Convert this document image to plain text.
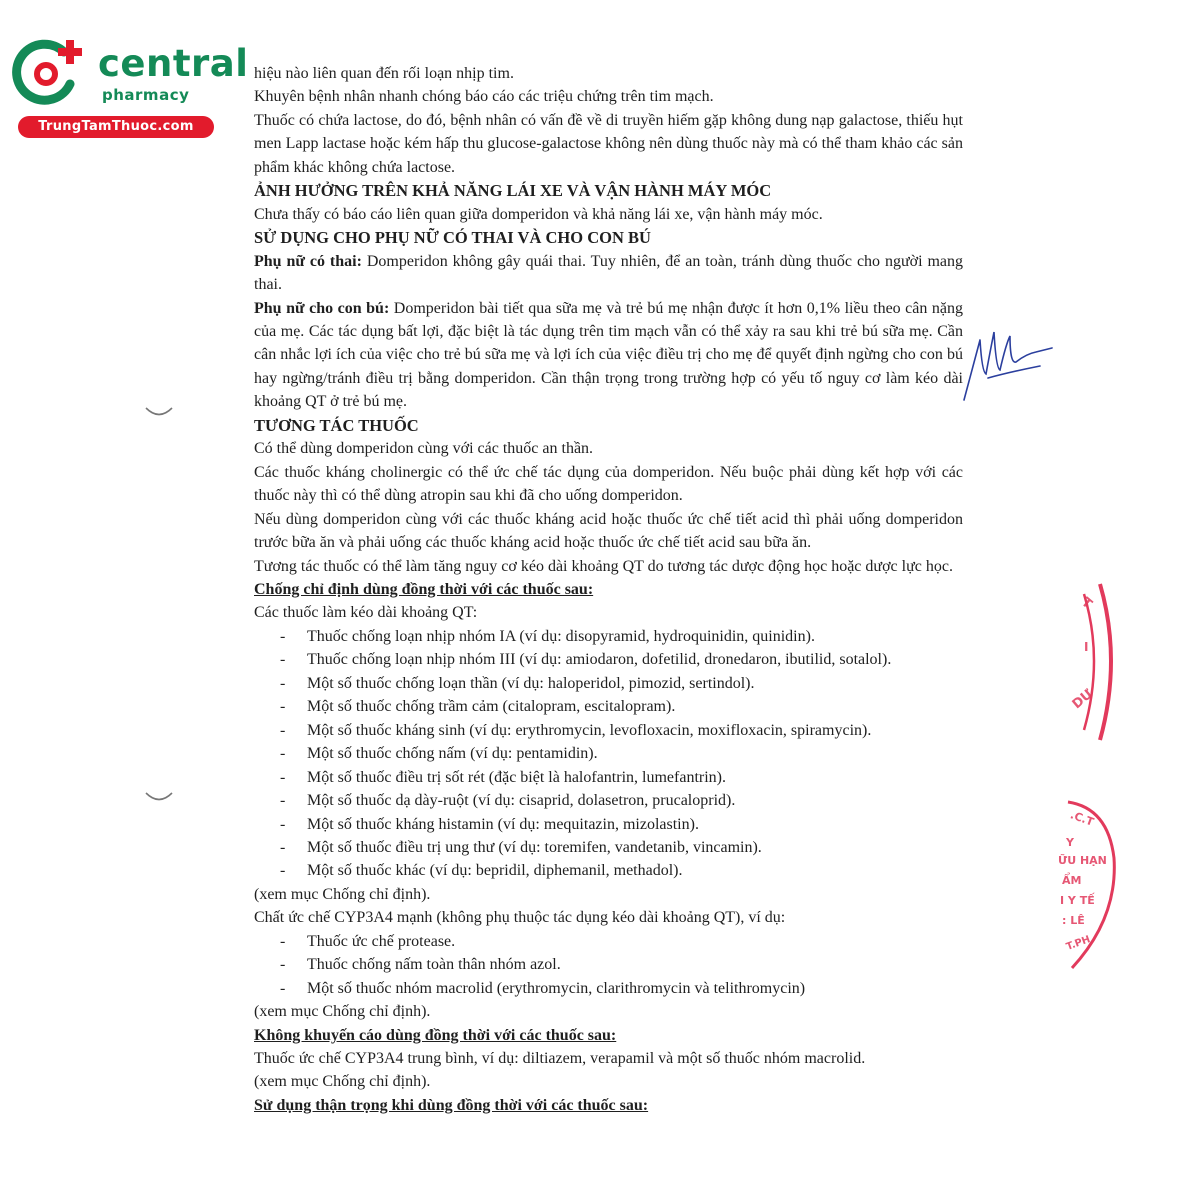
central
pharmacy
TrungTamThuoc.com

hiệu nào liên quan đến rối loạn nhịp tim.

Khuyên bệnh nhân nhanh chóng báo cáo các triệu chứng trên tim mạch.

Thuốc có chứa lactose, do đó, bệnh nhân có vấn đề về di truyền hiếm gặp không dung nạp galactose, thiếu hụt men Lapp lactase hoặc kém hấp thu glucose-galactose không nên dùng thuốc này mà có thể tham khảo các sản phẩm khác không chứa lactose.

ẢNH HƯỞNG TRÊN KHẢ NĂNG LÁI XE VÀ VẬN HÀNH MÁY MÓC

Chưa thấy có báo cáo liên quan giữa domperidon và khả năng lái xe, vận hành máy móc.

SỬ DỤNG CHO PHỤ NỮ CÓ THAI VÀ CHO CON BÚ

Phụ nữ có thai: Domperidon không gây quái thai. Tuy nhiên, để an toàn, tránh dùng thuốc cho người mang thai.

Phụ nữ cho con bú: Domperidon bài tiết qua sữa mẹ và trẻ bú mẹ nhận được ít hơn 0,1% liều theo cân nặng của mẹ. Các tác dụng bất lợi, đặc biệt là tác dụng trên tim mạch vẫn có thể xảy ra sau khi trẻ bú sữa mẹ. Cần cân nhắc lợi ích của việc cho trẻ bú sữa mẹ và lợi ích của việc điều trị cho mẹ để quyết định ngừng cho con bú hay ngừng/tránh điều trị bằng domperidon. Cần thận trọng trong trường hợp có yếu tố nguy cơ làm kéo dài khoảng QT ở trẻ bú mẹ.

TƯƠNG TÁC THUỐC

Có thể dùng domperidon cùng với các thuốc an thần.

Các thuốc kháng cholinergic có thể ức chế tác dụng của domperidon. Nếu buộc phải dùng kết hợp với các thuốc này thì có thể dùng atropin sau khi đã cho uống domperidon.

Nếu dùng domperidon cùng với các thuốc kháng acid hoặc thuốc ức chế tiết acid thì phải uống domperidon trước bữa ăn và phải uống các thuốc kháng acid hoặc thuốc ức chế tiết acid sau bữa ăn.

Tương tác thuốc có thể làm tăng nguy cơ kéo dài khoảng QT do tương tác dược động học hoặc dược lực học.

Chống chỉ định dùng đồng thời với các thuốc sau:

Các thuốc làm kéo dài khoảng QT:

- Thuốc chống loạn nhịp nhóm IA (ví dụ: disopyramid, hydroquinidin, quinidin).
- Thuốc chống loạn nhịp nhóm III (ví dụ: amiodaron, dofetilid, dronedaron, ibutilid, sotalol).
- Một số thuốc chống loạn thần (ví dụ: haloperidol, pimozid, sertindol).
- Một số thuốc chống trầm cảm (citalopram, escitalopram).
- Một số thuốc kháng sinh (ví dụ: erythromycin, levofloxacin, moxifloxacin, spiramycin).
- Một số thuốc chống nấm (ví dụ: pentamidin).
- Một số thuốc điều trị sốt rét (đặc biệt là halofantrin, lumefantrin).
- Một số thuốc dạ dày-ruột (ví dụ: cisaprid, dolasetron, prucaloprid).
- Một số thuốc kháng histamin (ví dụ: mequitazin, mizolastin).
- Một số thuốc điều trị ung thư (ví dụ: toremifen, vandetanib, vincamin).
- Một số thuốc khác (ví dụ: bepridil, diphemanil, methadol).

(xem mục Chống chỉ định).

Chất ức chế CYP3A4 mạnh (không phụ thuộc tác dụng kéo dài khoảng QT), ví dụ:

- Thuốc ức chế protease.
- Thuốc chống nấm toàn thân nhóm azol.
- Một số thuốc nhóm macrolid (erythromycin, clarithromycin và telithromycin)

(xem mục Chống chỉ định).

Không khuyến cáo dùng đồng thời với các thuốc sau:

Thuốc ức chế CYP3A4 trung bình, ví dụ: diltiazem, verapamil và một số thuốc nhóm macrolid.

(xem mục Chống chỉ định).

Sử dụng thận trọng khi dùng đồng thời với các thuốc sau:

T
I
DƯ
.C.T
Y
ỮU HẠN
ẨM
I Y TẾ
: LÊ
T.PH
